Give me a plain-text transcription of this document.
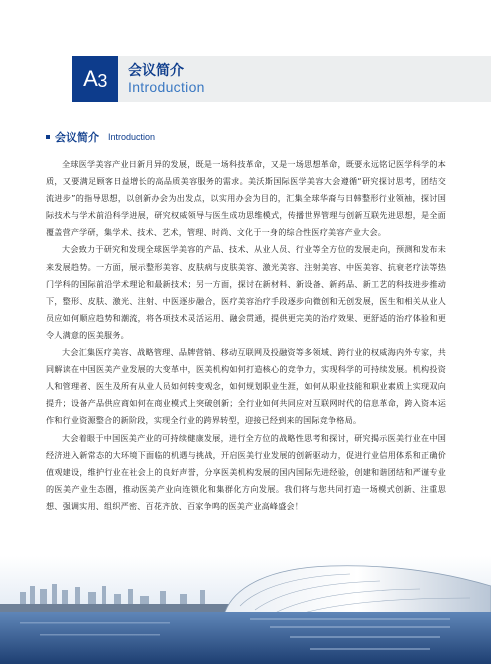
A 3 会议简介
Introduction
会议简介 Introduction

全球医学美容产业日新月异的发展，既是一场科技革命，又是一场思想革命，既要永远铭记医学科学的本质，又要满足顾客日益增长的高品质美容服务的需求。美沃斯国际医学美容大会遵循“研究探讨思考，团结交流进步”的指导思想，以创新办会为出发点，以实用办会为目的，汇集全球华裔与日韩整形行业领袖，探讨国际技术与学术前沿科学进展，研究权威领导与医生成功思维模式，传播世界管理与创新互联先进思想，是全面覆盖营产学研，集学术、技术、艺术，管理、时尚、文化于一身的综合性医疗美容产业大会。

大会致力于研究和发现全球医学美容的产品、技术、从业人员、行业等全方位的发展走向，预测和发布未来发展趋势。一方面，展示整形美容、皮肤病与皮肤美容、激光美容、注射美容、中医美容、抗衰老疗法等热门学科的国际前沿学术理论和最新技术；另一方面，探讨在新材料、新设备、新药品、新工艺的科技进步推动下，整形、皮肤、激光、注射、中医逐步融合，医疗美容治疗手段逐步向微创和无创发展，医生和相关从业人员应如何顺应趋势和潮流，将各项技术灵活运用、融会贯通，提供更完美的治疗效果、更舒适的治疗体验和更令人满意的医美服务。

大会汇集医疗美容、战略管理、品牌营销、移动互联网及投融资等多领域、跨行业的权威海内外专家，共同解读在中国医美产业发展的大变革中，医美机构如何打造核心的竞争力，实现科学的可持续发展。机构投资人和管理者、医生及所有从业人员如何转变观念，如何规划职业生涯，如何从职业技能和职业素质上实现双向提升；设备产品供应商如何在商业模式上突破创新；全行业如何共同应对互联网时代的信息革命，跨入资本运作和行业资源整合的新阶段，实现全行业的跨界转型，迎接已经到来的国际竞争格局。

大会着眼于中国医美产业的可持续健康发展，进行全方位的战略性思考和探讨，研究揭示医美行业在中国经济进入新常态的大环境下面临的机遇与挑战，开启医美行业发展的创新驱动力，促进行业信用体系和正确价值观建设，维护行业在社会上的良好声誉，分享医美机构发展的国内国际先进经验，创建和谐团结和严谨专业的医美产业生态圈，推动医美产业向连锁化和集群化方向发展。我们将与您共同打造一场模式创新、注重思想、强调实用、组织严密、百花齐放、百家争鸣的医美产业高峰盛会！
